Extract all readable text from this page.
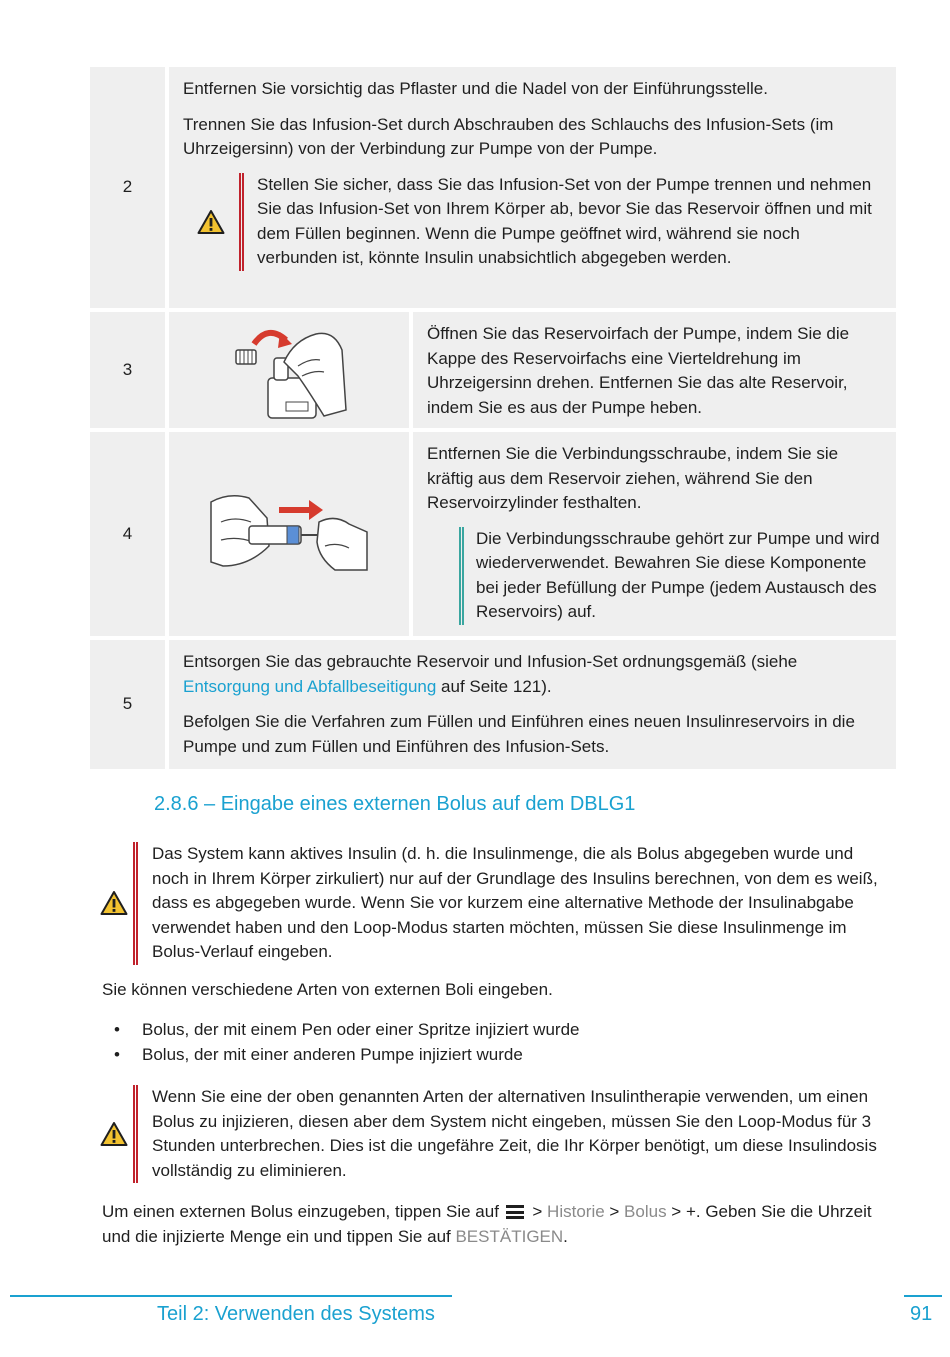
2

Entfernen Sie vorsichtig das Pflaster und die Nadel von der Einführungsstelle.

Trennen Sie das Infusion-Set durch Abschrauben des Schlauchs des Infusion-Sets (im Uhrzeigersinn) von der Verbindung zur Pumpe von der Pumpe.

Stellen Sie sicher, dass Sie das Infusion-Set von der Pumpe trennen und nehmen Sie das Infusion-Set von Ihrem Körper ab, bevor Sie das Reservoir öffnen und mit dem Füllen beginnen. Wenn die Pumpe geöffnet wird, während sie noch verbunden ist, könnte Insulin unabsichtlich abgegeben werden.
3
Öffnen Sie das Reservoirfach der Pumpe, indem Sie die Kappe des Reservoirfachs eine Vierteldrehung im Uhrzeigersinn drehen. Entfernen Sie das alte Reservoir, indem Sie es aus der Pumpe heben.
4

Entfernen Sie die Verbindungsschraube, indem Sie sie kräftig aus dem Reservoir ziehen, während Sie den Reservoirzylinder festhalten.

Die Verbindungsschraube gehört zur Pumpe und wird wiederverwendet. Bewahren Sie diese Komponente bei jeder Befüllung der Pumpe (jedem Austausch des Reservoirs) auf.
5

Entsorgen Sie das gebrauchte Reservoir und Infusion-Set ordnungsgemäß (siehe Entsorgung und Abfallbeseitigung auf Seite 121).

Befolgen Sie die Verfahren zum Füllen und Einführen eines neuen Insulinreservoirs in die Pumpe und zum Füllen und Einführen des Infusion-Sets.

2.8.6 – Eingabe eines externen Bolus auf dem DBLG1
Das System kann aktives Insulin (d. h. die Insulinmenge, die als Bolus abgegeben wurde und noch in Ihrem Körper zirkuliert) nur auf der Grundlage des Insulins berechnen, von dem es weiß, dass es abgegeben wurde. Wenn Sie vor kurzem eine alternative Methode der Insulinabgabe verwendet haben und den Loop-Modus starten möchten, müssen Sie diese Insulinmenge im Bolus-Verlauf eingeben.
Sie können verschiedene Arten von externen Boli eingeben.
•	Bolus, der mit einem Pen oder einer Spritze injiziert wurde
•	Bolus, der mit einer anderen Pumpe injiziert wurde
Wenn Sie eine der oben genannten Arten der alternativen Insulintherapie verwenden, um einen Bolus zu injizieren, diesen aber dem System nicht eingeben, müssen Sie den Loop-Modus für 3 Stunden unterbrechen. Dies ist die ungefähre Zeit, die Ihr Körper benötigt, um diese Insulindosis vollständig zu eliminieren.
Um einen externen Bolus einzugeben, tippen Sie auf
> Historie > Bolus > +. Geben Sie die Uhrzeit und die injizierte Menge ein und tippen Sie auf BESTÄTIGEN.
Teil 2: Verwenden des Systems	91
